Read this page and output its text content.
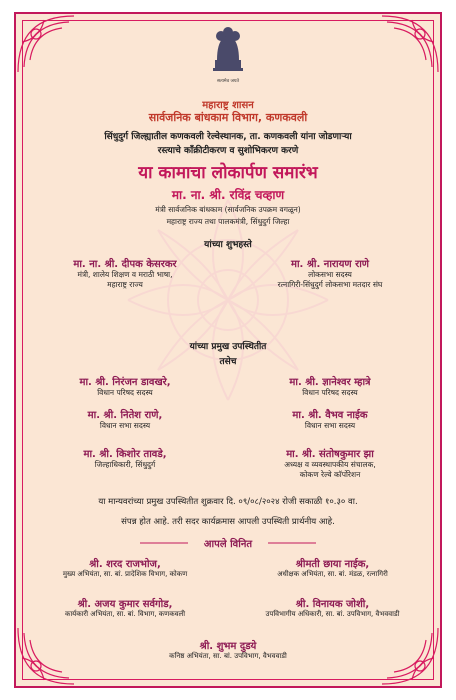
सत्यमेव जयते
महाराष्ट्र शासन
सार्वजनिक बांधकाम विभाग, कणकवली
सिंधुदुर्ग जिल्ह्यातील कणकवली रेल्वेस्थानक, ता. कणकवली यांना जोडणाऱ्या
रस्त्याचे काँक्रीटीकरण व सुशोभिकरण करणे
या कामाचा लोकार्पण समारंभ
मा. ना. श्री. रविंद्र चव्हाण
मंत्री सार्वजनिक बांधकाम (सार्वजनिक उपक्रम वगळून)
महाराष्ट्र राज्य तथा पालकमंत्री, सिंधुदुर्ग जिल्हा
यांच्या शुभहस्ते
मा. ना. श्री. दीपक केसरकर
मंत्री, शालेय शिक्षण व मराठी भाषा,
महाराष्ट्र राज्य
मा. श्री. नारायण राणे
लोकसभा सदस्य
रत्नागिरी-सिंधुदुर्ग लोकसभा मतदार संघ
यांच्या प्रमुख उपस्थितीत
तसेच
मा. श्री. निरंजन डावखरे,
विधान परिषद सदस्य
मा. श्री. ज्ञानेश्वर म्हात्रे
विधान परिषद सदस्य
मा. श्री. नितेश राणे,
विधान सभा सदस्य
मा. श्री. वैभव नाईक
विधान सभा सदस्य
मा. श्री. किशोर तावडे,
जिल्हाधिकारी, सिंधुदुर्ग
मा. श्री. संतोषकुमार झा
अध्यक्ष व व्यवस्थापकीय संचालक,
कोकण रेल्वे कॉर्पोरेशन
या मान्यवरांच्या प्रमुख उपस्थितीत शुक्रवार दि. ०९/०८/२०२४ रोजी सकाळी १०.३० वा.
संपन्न होत आहे. तरी सदर कार्यक्रमास आपली उपस्थिती प्रार्थनीय आहे.
आपले विनित
श्री. शरद राजभोज,
मुख्य अभियंता, सा. बां. प्रादेशिक विभाग, कोकण
श्रीमती छाया नाईक,
अधीक्षक अभियंता, सा. बां. मंडळ, रत्नागिरी
श्री. अजय कुमार सर्वगोड,
कार्यकारी अभियंता, सा. बां. विभाग, कणकवली
श्री. विनायक जोशी,
उपविभागीय अधिकारी, सा. बां. उपविभाग, वैभववाडी
श्री. शुभम दुडये
कनिष्ठ अभियंता, सा. बां. उपविभाग, वैभववाडी
